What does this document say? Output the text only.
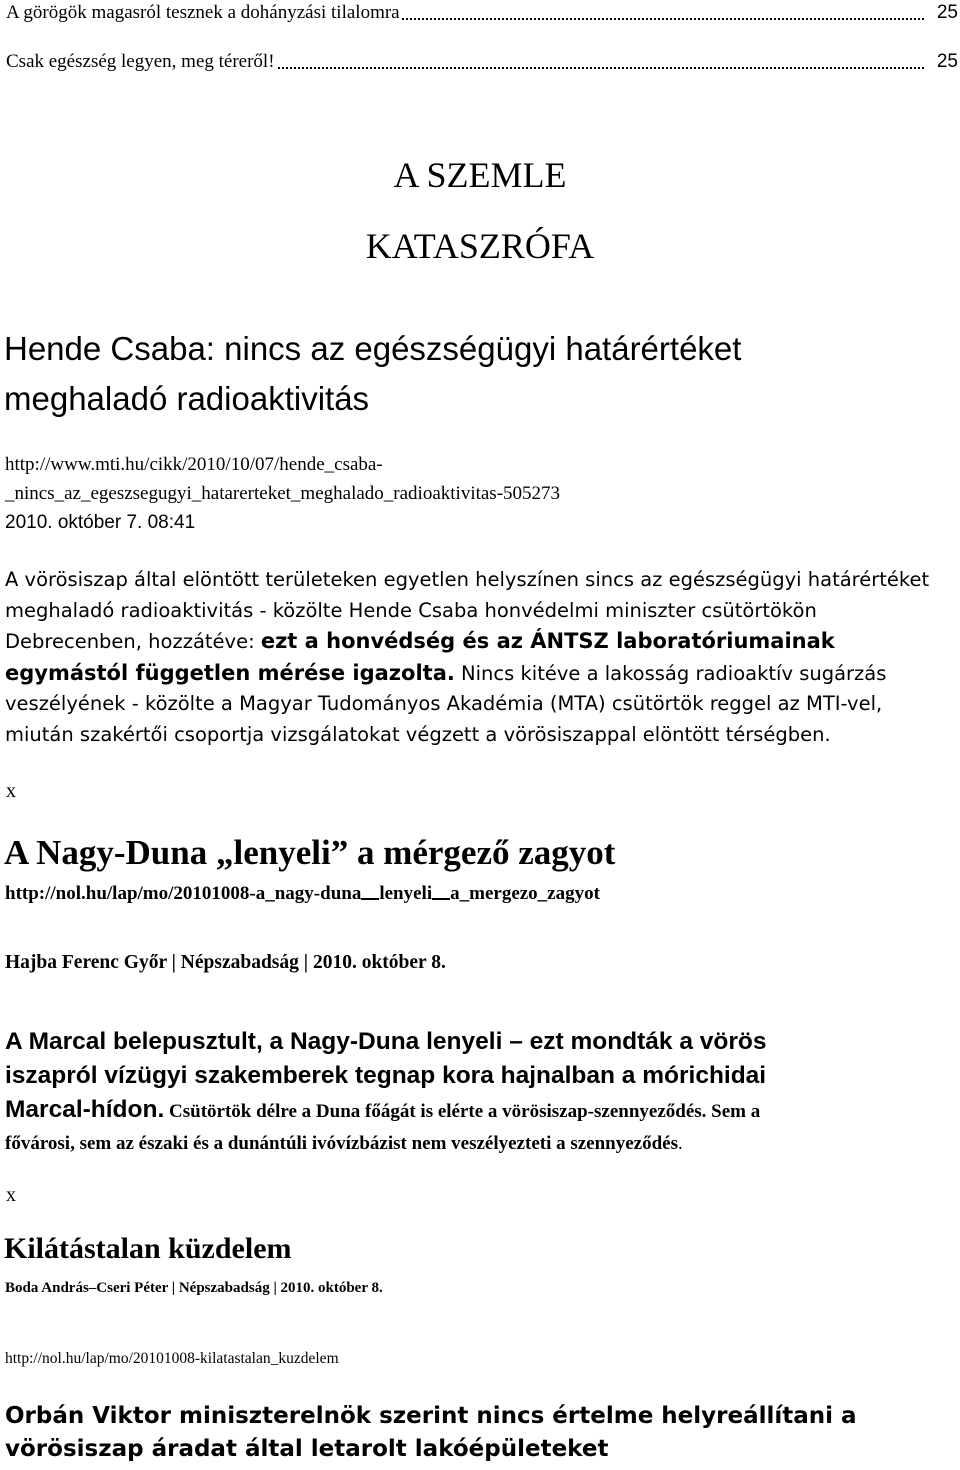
A görögök magasról tesznek a dohányzási tilalomra	25
Csak egészség legyen, meg téreről!	25
A SZEMLE
KATASZRÓFA
Hende Csaba: nincs az egészségügyi határértéket
meghaladó radioaktivitás
http://www.mti.hu/cikk/2010/10/07/hende_csaba-
_nincs_az_egeszsegugyi_hatarerteket_meghalado_radioaktivitas-505273
2010. október 7. 08:41
A vörösiszap által elöntött területeken egyetlen helyszínen sincs az egészségügyi határértéket
meghaladó radioaktivitás - közölte Hende Csaba honvédelmi miniszter csütörtökön
Debrecenben, hozzátéve: ezt a honvédség és az ÁNTSZ laboratóriumainak
egymástól független mérése igazolta. Nincs kitéve a lakosság radioaktív sugárzás
veszélyének - közölte a Magyar Tudományos Akadémia (MTA) csütörtök reggel az MTI-vel,
miután szakértői csoportja vizsgálatokat végzett a vörösiszappal elöntött térségben.
x
A Nagy-Duna „lenyeli” a mérgező zagyot
http://nol.hu/lap/mo/20101008-a_nagy-duna lenyeli a_mergezo_zagyot
Hajba Ferenc Győr | Népszabadság | 2010. október 8.
A Marcal belepusztult, a Nagy-Duna lenyeli – ezt mondták a vörös
iszapról vízügyi szakemberek tegnap kora hajnalban a mórichidai
Marcal-hídon. Csütörtök délre a Duna főágát is elérte a vörösiszap-szennyeződés. Sem a
fővárosi, sem az északi és a dunántúli ivóvízbázist nem veszélyezteti a szennyeződés.
x
Kilátástalan küzdelem
Boda András–Cseri Péter | Népszabadság | 2010. október 8.
http://nol.hu/lap/mo/20101008-kilatastalan_kuzdelem
Orbán Viktor miniszterelnök szerint nincs értelme helyreállítani a
vörösiszap áradat által letarolt lakóépületeket
